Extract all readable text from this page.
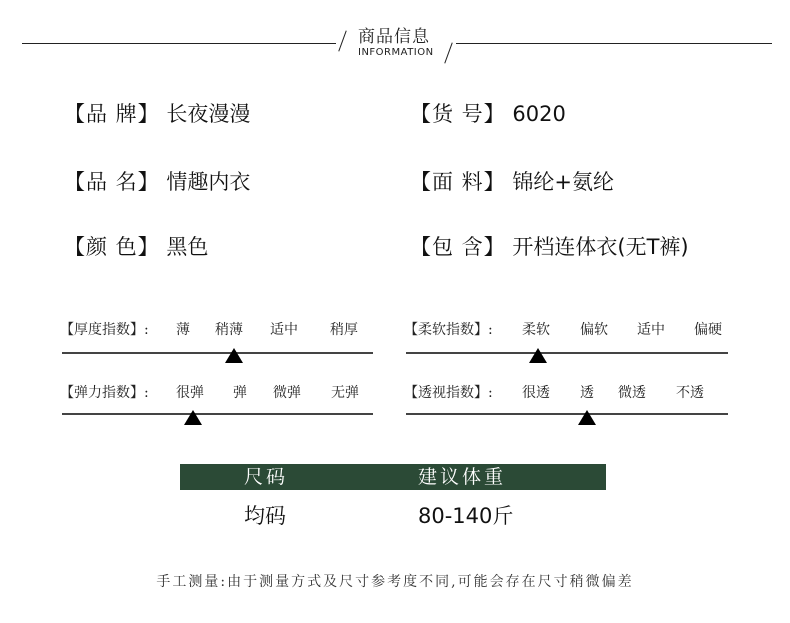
商品信息
INFORMATION
【品 牌】 长夜漫漫	【货 号】 6020
【品 名】 情趣内衣	【面 料】 锦纶+氨纶
【颜 色】 黑色	【包 含】 开档连体衣(无T裤)
【厚度指数】: 薄 稍薄 适中 稍厚	【柔软指数】: 柔软 偏软 适中 偏硬
【弹力指数】: 很弹 弹 微弹 无弹	【透视指数】: 很透 透 微透 不透
尺码	建议体重
均码	80-140斤
手工测量:由于测量方式及尺寸参考度不同,可能会存在尺寸稍微偏差
